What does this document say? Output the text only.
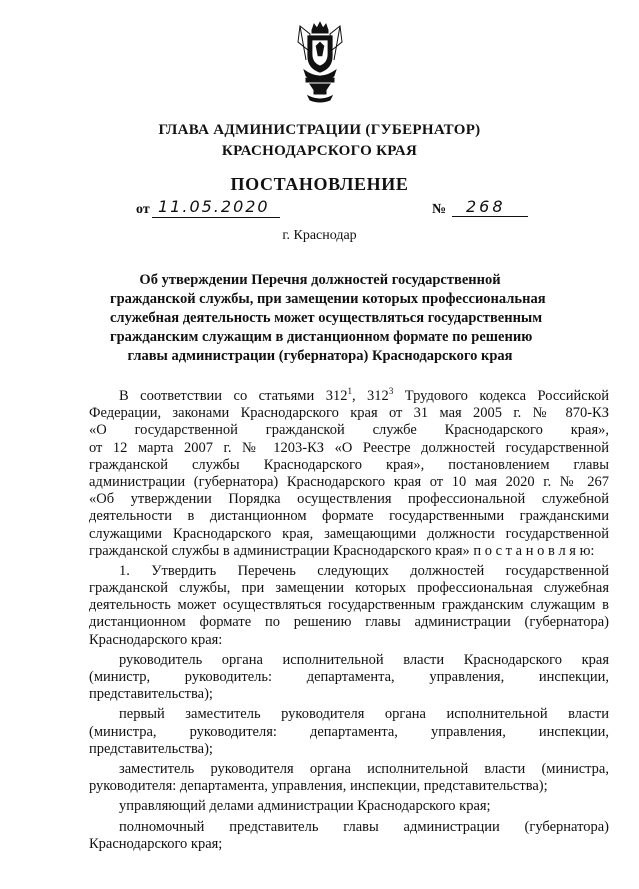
ГЛАВА АДМИНИСТРАЦИИ (ГУБЕРНАТОР)
КРАСНОДАРСКОГО КРАЯ
ПОСТАНОВЛЕНИЕ
от 11.05.2020	№	268
г. Краснодар
Об утверждении Перечня должностей государственной
гражданской службы, при замещении которых профессиональная
служебная деятельность может осуществляться государственным
гражданским служащим в дистанционном формате по решению
главы администрации (губернатора) Краснодарского края
В соответствии со статьями $312^1$, $312^3$ Трудового кодекса Российской
Федерации, законами Краснодарского края от 31 мая 2005 г. № 870-КЗ
«О государственной гражданской службе Краснодарского края»,
от 12 марта 2007 г. № 1203-КЗ «О Реестре должностей государственной
гражданской службы Краснодарского края», постановлением главы
администрации (губернатора) Краснодарского края от 10 мая 2020 г. № 267
«Об утверждении Порядка осуществления профессиональной служебной
деятельности в дистанционном формате государственными гражданскими
служащими Краснодарского края, замещающими должности государственной
гражданской службы в администрации Краснодарского края» п о с т а н о в л я ю:
1. Утвердить Перечень следующих должностей государственной
гражданской службы, при замещении которых профессиональная служебная
деятельность может осуществляться государственным гражданским служащим в
дистанционном формате по решению главы администрации (губернатора)
Краснодарского края:
руководитель органа исполнительной власти Краснодарского края
(министр, руководитель: департамента, управления, инспекции,
представительства);
первый заместитель руководителя органа исполнительной власти
(министра, руководителя: департамента, управления, инспекции,
представительства);
заместитель руководителя органа исполнительной власти (министра,
руководителя: департамента, управления, инспекции, представительства);
управляющий делами администрации Краснодарского края;
полномочный представитель главы администрации (губернатора)
Краснодарского края;
